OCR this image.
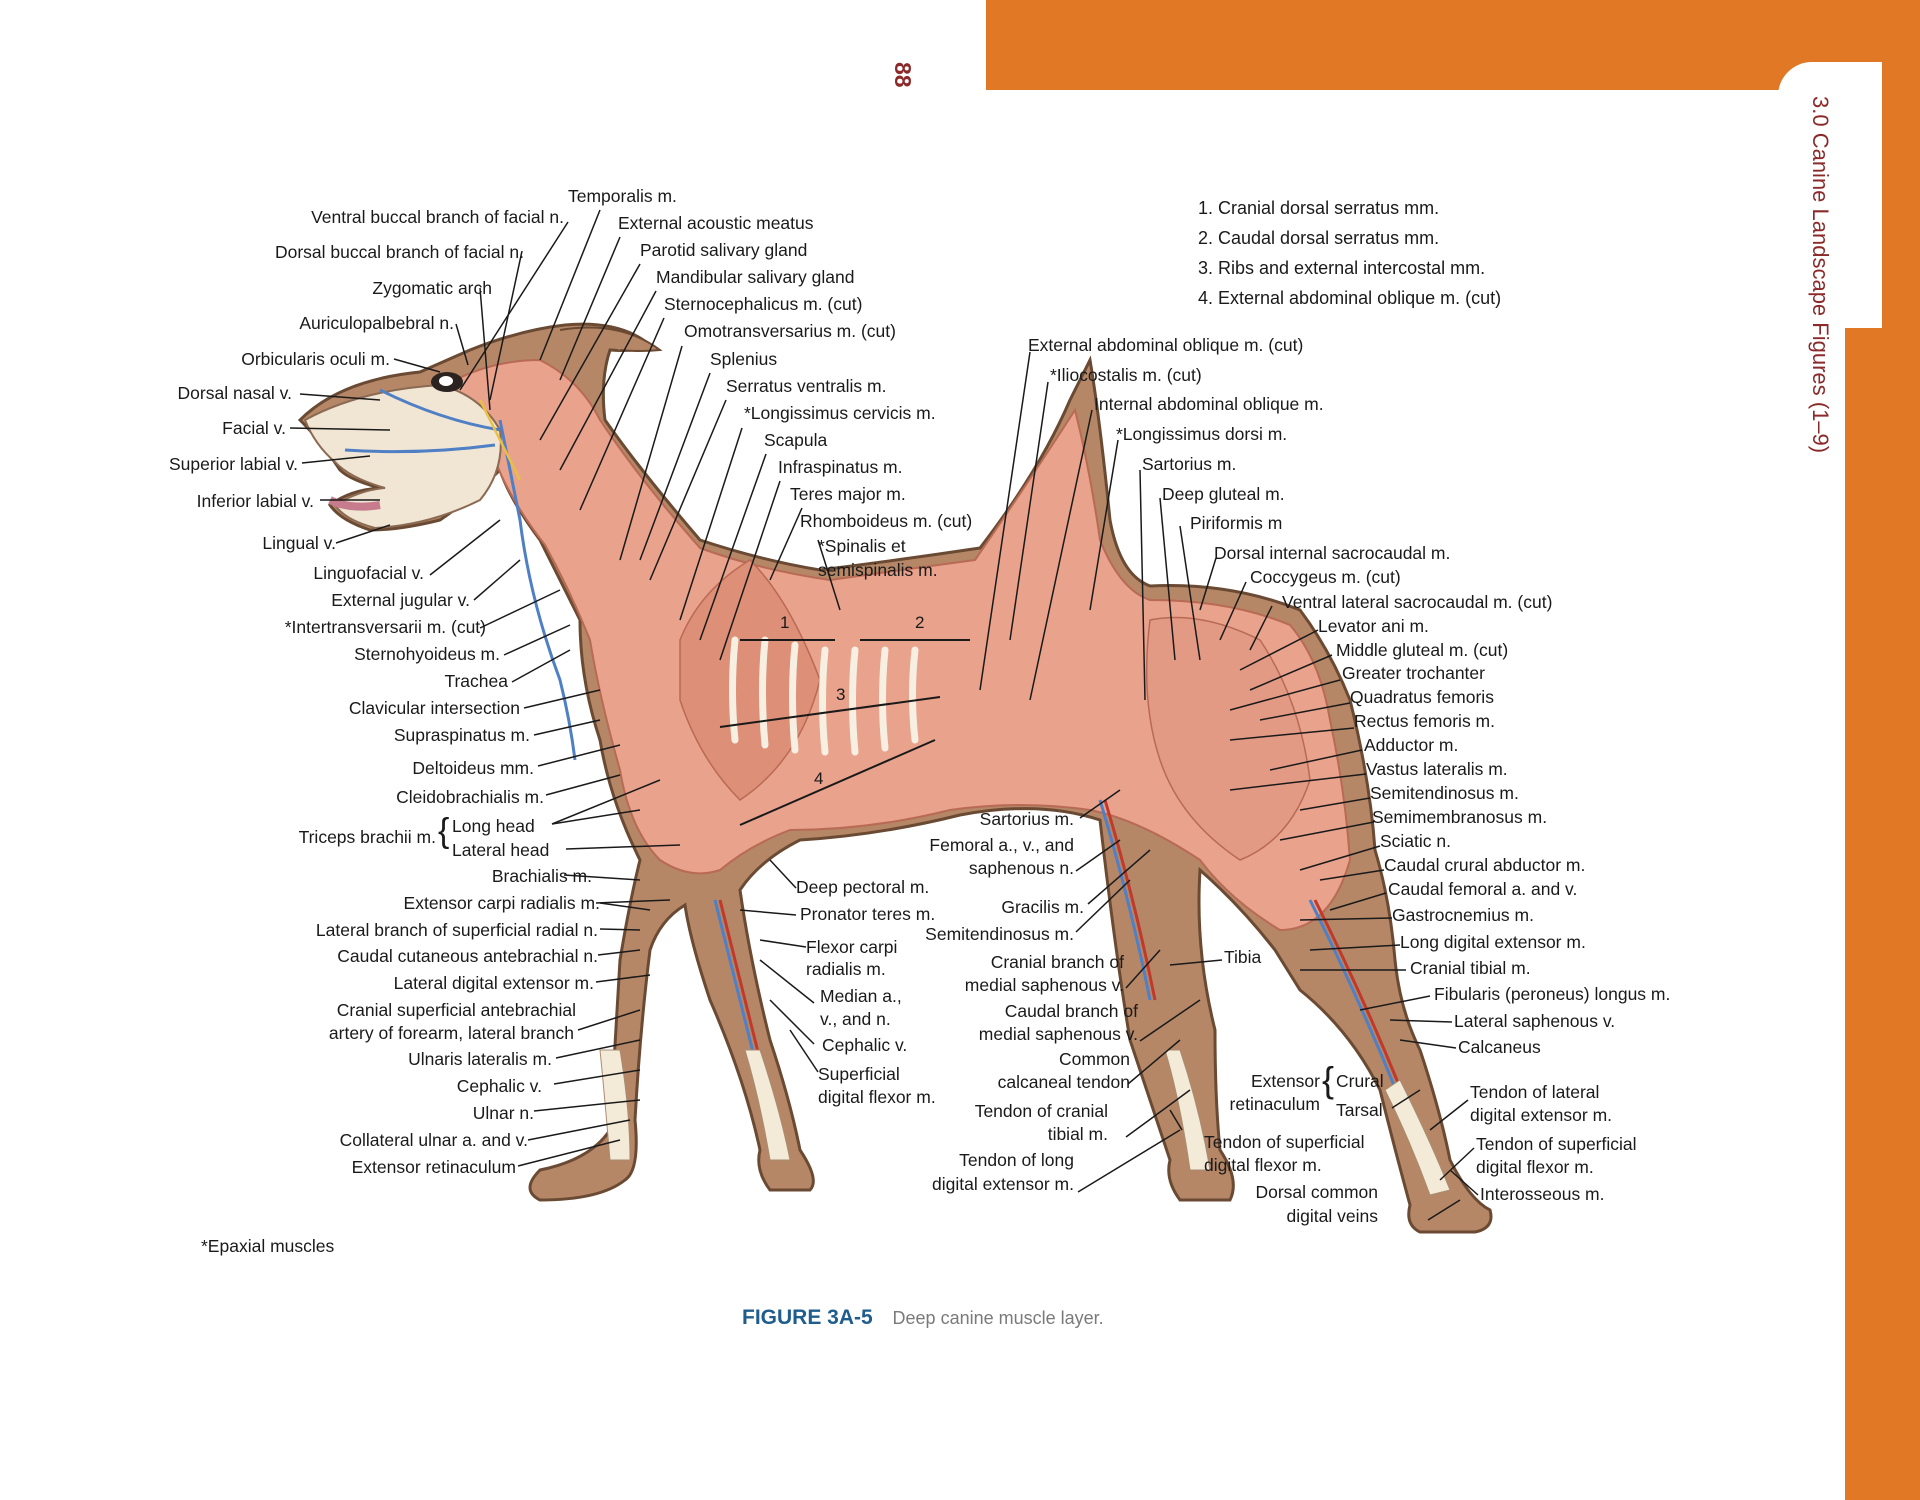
3.0 Canine Landscape Figures (1–9)
88
1	2
3
4
1. Cranial dorsal serratus mm.
2. Caudal dorsal serratus mm.
3. Ribs and external intercostal mm.
4. External abdominal oblique m. (cut)
Ventral buccal branch of facial n.
Dorsal buccal branch of facial n.
Zygomatic arch
Auriculopalbebral n.
Orbicularis oculi m.
Dorsal nasal v.
Facial v.
Superior labial v.
Inferior labial v.
Lingual v.
Linguofacial v.
External jugular v.
*Intertransversarii m. (cut)
Sternohyoideus m.
Trachea
Clavicular intersection
Supraspinatus m.
Deltoideus mm.
Cleidobrachialis m.
Brachialis m.
Extensor carpi radialis m.
Lateral branch of superficial radial n.
Caudal cutaneous antebrachial n.
Lateral digital extensor m.
Cranial superficial antebrachial
artery of forearm, lateral branch
Ulnaris lateralis m.
Cephalic v.
Ulnar n.
Collateral ulnar a. and v.
Extensor retinaculum
Triceps brachii m. { Long head
Lateral head
Temporalis m.
External acoustic meatus
Parotid salivary gland
Mandibular salivary gland
Sternocephalicus m. (cut)
Omotransversarius m. (cut)
Splenius
Serratus ventralis m.
*Longissimus cervicis m.
Scapula
Infraspinatus m.
Teres major m.
Rhomboideus m. (cut)
*Spinalis et
semispinalis m.
External abdominal oblique m. (cut)
*Iliocostalis m. (cut)
Internal abdominal oblique m.
*Longissimus dorsi m.
Sartorius m.
Deep gluteal m.
Piriformis m
Dorsal internal sacrocaudal m.
Coccygeus m. (cut)
Ventral lateral sacrocaudal m. (cut)
Levator ani m.
Middle gluteal m. (cut)
Greater trochanter
Quadratus femoris
Rectus femoris m.
Adductor m.
Vastus lateralis m.
Semitendinosus m.
Semimembranosus m.
Sciatic n.
Caudal crural abductor m.
Caudal femoral a. and v.
Gastrocnemius m.
Long digital extensor m.
Cranial tibial m.
Fibularis (peroneus) longus m.
Lateral saphenous v.
Calcaneus
Tendon of lateral
digital extensor m.
Tendon of superficial
digital flexor m.
Interosseous m.
Deep pectoral m.
Pronator teres m.
Flexor carpi
radialis m.
Median a.,
v., and n.
Cephalic v.
Superficial
digital flexor m.
Sartorius m.
Femoral a., v., and
saphenous n.
Gracilis m.
Semitendinosus m.
Cranial branch of
medial saphenous v.
Caudal branch of
medial saphenous v.
Common
calcaneal tendon
Tendon of cranial
tibial m.
Tendon of long
digital extensor m.
Tibia
Tendon of superficial
digital flexor m.
Dorsal common
digital veins
Extensor
retinaculum
{ Crural
Tarsal
*Epaxial muscles
FIGURE 3A-5 Deep canine muscle layer.
